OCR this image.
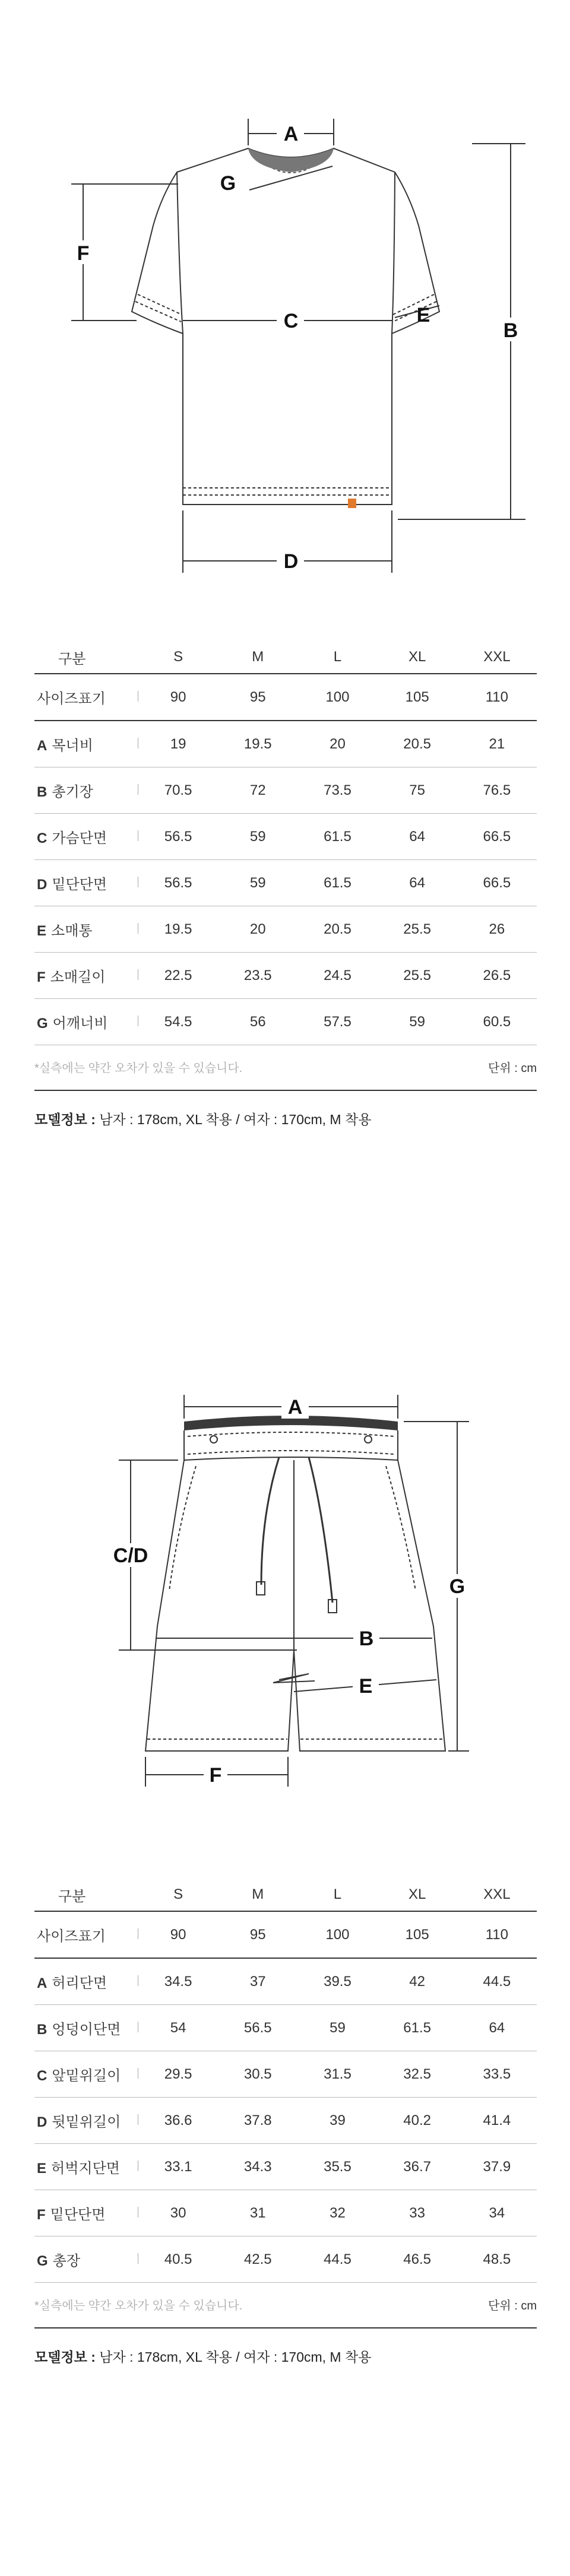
A
B
F
C
D
E
G
구분	S	M	L	XL	XXL
사이즈표기	90	95	100	105	110
A 목너비	19	19.5	20	20.5	21
B 총기장	70.5	72	73.5	75	76.5
C 가슴단면	56.5	59	61.5	64	66.5
D 밑단단면	56.5	59	61.5	64	66.5
E 소매통	19.5	20	20.5	25.5	26
F 소매길이	22.5	23.5	24.5	25.5	26.5
G 어깨너비	54.5	56	57.5	59	60.5
*실측에는 약간 오차가 있을 수 있습니다.	단위 : cm
모델정보 : 남자 : 178cm, XL 착용 / 여자 : 170cm, M 착용
A
C/D
G
B
E
F
구분	S	M	L	XL	XXL
사이즈표기	90	95	100	105	110
A 허리단면	34.5	37	39.5	42	44.5
B 엉덩이단면	54	56.5	59	61.5	64
C 앞밑위길이	29.5	30.5	31.5	32.5	33.5
D 뒷밑위길이	36.6	37.8	39	40.2	41.4
E 허벅지단면	33.1	34.3	35.5	36.7	37.9
F 밑단단면	30	31	32	33	34
G 총장	40.5	42.5	44.5	46.5	48.5
*실측에는 약간 오차가 있을 수 있습니다.	단위 : cm
모델정보 : 남자 : 178cm, XL 착용 / 여자 : 170cm, M 착용
